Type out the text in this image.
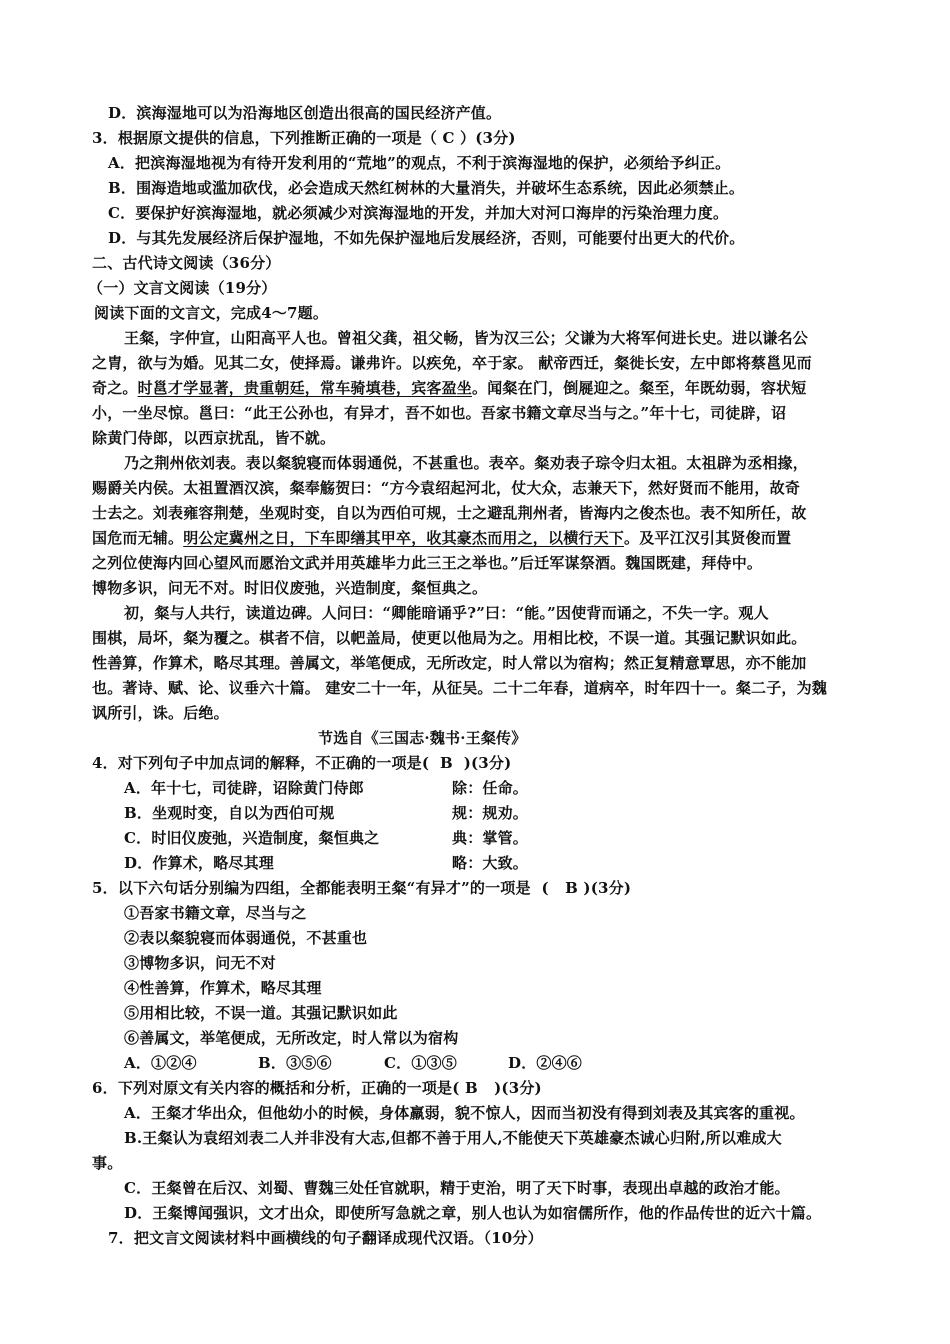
D．滨海湿地可以为沿海地区创造出很高的国民经济产值。
3．根据原文提供的信息，下列推断正确的一项是（ C ）(3分)
A．把滨海湿地视为有待开发利用的“荒地”的观点，不利于滨海湿地的保护，必须给予纠正。
B．围海造地或滥加砍伐，必会造成天然红树林的大量消失，并破坏生态系统，因此必须禁止。
C．要保护好滨海湿地，就必须减少对滨海湿地的开发，并加大对河口海岸的污染治理力度。
D．与其先发展经济后保护湿地，不如先保护湿地后发展经济，否则，可能要付出更大的代价。
二、古代诗文阅读（36分）
（一）文言文阅读（19分）
阅读下面的文言文，完成4～7题。
王粲，字仲宣，山阳高平人也。曾祖父龚，祖父畅，皆为汉三公；父谦为大将军何进长史。进以谦名公
之胄，欲与为婚。见其二女，使择焉。谦弗许。以疾免，卒于家。 献帝西迁，粲徙长安，左中郎将蔡邕见而
奇之。时邕才学显著，贵重朝廷，常车骑填巷，宾客盈坐。闻粲在门，倒屣迎之。粲至，年既幼弱，容状短
小，一坐尽惊。邕曰：“此王公孙也，有异才，吾不如也。吾家书籍文章尽当与之。”年十七，司徒辟，诏
除黄门侍郎，以西京扰乱，皆不就。
乃之荆州依刘表。表以粲貌寝而体弱通侻，不甚重也。表卒。粲劝表子琮令归太祖。太祖辟为丞相掾，
赐爵关内侯。太祖置酒汉滨，粲奉觞贺曰：“方今袁绍起河北，仗大众，志兼天下，然好贤而不能用，故奇
士去之。刘表雍容荆楚，坐观时变，自以为西伯可规，士之避乱荆州者，皆海内之俊杰也。表不知所任，故
国危而无辅。明公定冀州之日，下车即缮其甲卒，收其豪杰而用之，以横行天下。及平江汉引其贤俊而置
之列位使海内回心望风而愿治文武并用英雄毕力此三王之举也。”后迁军谋祭酒。魏国既建，拜侍中。
博物多识，问无不对。时旧仪废弛，兴造制度，粲恒典之。
初，粲与人共行，读道边碑。人问曰：“卿能暗诵乎?”曰：“能。”因使背而诵之，不失一字。观人
围棋，局坏，粲为覆之。棋者不信，以帊盖局，使更以他局为之。用相比校，不误一道。其强记默识如此。
性善算，作算术，略尽其理。善属文，举笔便成，无所改定，时人常以为宿构；然正复精意覃思，亦不能加
也。著诗、赋、论、议垂六十篇。 建安二十一年，从征吴。二十二年春，道病卒，时年四十一。粲二子，为魏
讽所引，诛。后绝。
节选自《三国志·魏书·王粲传》
4．对下列句子中加点词的解释，不正确的一项是(  B  )(3分)
A．年十七，司徒辟，诏除黄门侍郎	除：任命。
B．坐观时变，自以为西伯可规	规：规劝。
C．时旧仪废弛，兴造制度，粲恒典之	典：掌管。
D．作算术，略尽其理	略：大致。
5．以下六句话分别编为四组，全都能表明王粲“有异才”的一项是  (   B )(3分)
①吾家书籍文章，尽当与之
②表以粲貌寝而体弱通侻，不甚重也
③博物多识，问无不对
④性善算，作算术，略尽其理
⑤用相比较，不误一道。其强记默识如此
⑥善属文，举笔便成，无所改定，时人常以为宿构
A．①②④	B．③⑤⑥	C．①③⑤	D．②④⑥
6．下列对原文有关内容的概括和分析，正确的一项是( B   )(3分)
A．王粲才华出众，但他幼小的时候，身体羸弱，貌不惊人，因而当初没有得到刘表及其宾客的重视。
B.王粲认为袁绍刘表二人并非没有大志,但都不善于用人,不能使天下英雄豪杰诚心归附,所以难成大
事。
C．王粲曾在后汉、刘蜀、曹魏三处任官就职，精于吏治，明了天下时事，表现出卓越的政治才能。
D．王粲博闻强识，文才出众，即使所写急就之章，别人也认为如宿儒所作，他的作品传世的近六十篇。
7．把文言文阅读材料中画横线的句子翻译成现代汉语。（10分）
